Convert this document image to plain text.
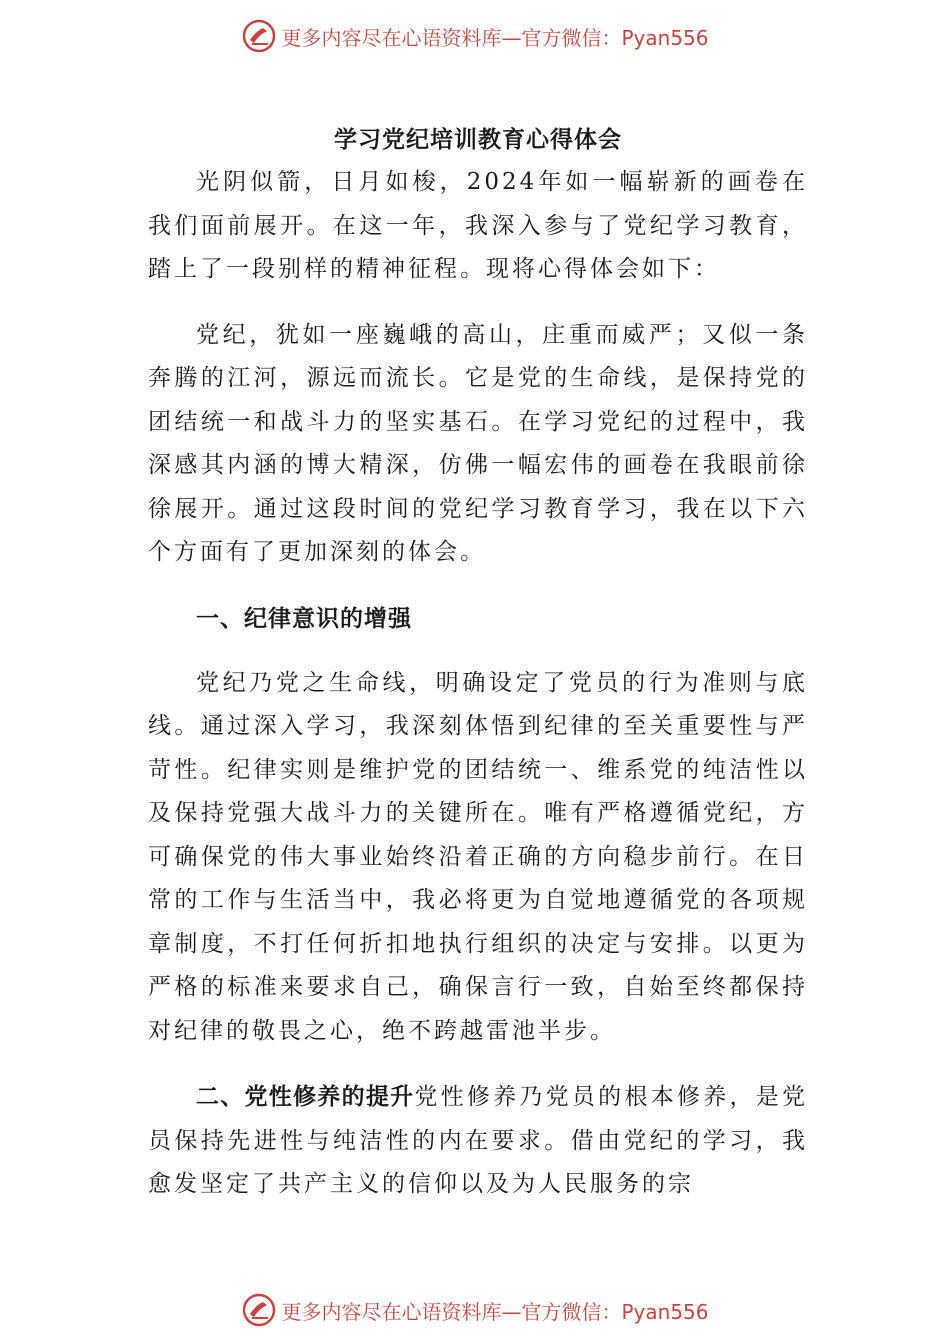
更多内容尽在心语资料库—官方微信：Pyan556
学习党纪培训教育心得体会

光阴似箭，日月如梭，2024年如一幅崭新的画卷在我们面前展开。在这一年，我深入参与了党纪学习教育，踏上了一段别样的精神征程。现将心得体会如下：

党纪，犹如一座巍峨的高山，庄重而威严；又似一条奔腾的江河，源远而流长。它是党的生命线，是保持党的团结统一和战斗力的坚实基石。在学习党纪的过程中，我深感其内涵的博大精深，仿佛一幅宏伟的画卷在我眼前徐徐展开。通过这段时间的党纪学习教育学习，我在以下六个方面有了更加深刻的体会。

一、纪律意识的增强

党纪乃党之生命线，明确设定了党员的行为准则与底线。通过深入学习，我深刻体悟到纪律的至关重要性与严苛性。纪律实则是维护党的团结统一、维系党的纯洁性以及保持党强大战斗力的关键所在。唯有严格遵循党纪，方可确保党的伟大事业始终沿着正确的方向稳步前行。在日常的工作与生活当中，我必将更为自觉地遵循党的各项规章制度，不打任何折扣地执行组织的决定与安排。以更为严格的标准来要求自己，确保言行一致，自始至终都保持对纪律的敬畏之心，绝不跨越雷池半步。

二、党性修养的提升党性修养乃党员的根本修养，是党员保持先进性与纯洁性的内在要求。借由党纪的学习，我愈发坚定了共产主义的信仰以及为人民服务的宗

更多内容尽在心语资料库—官方微信：Pyan556
